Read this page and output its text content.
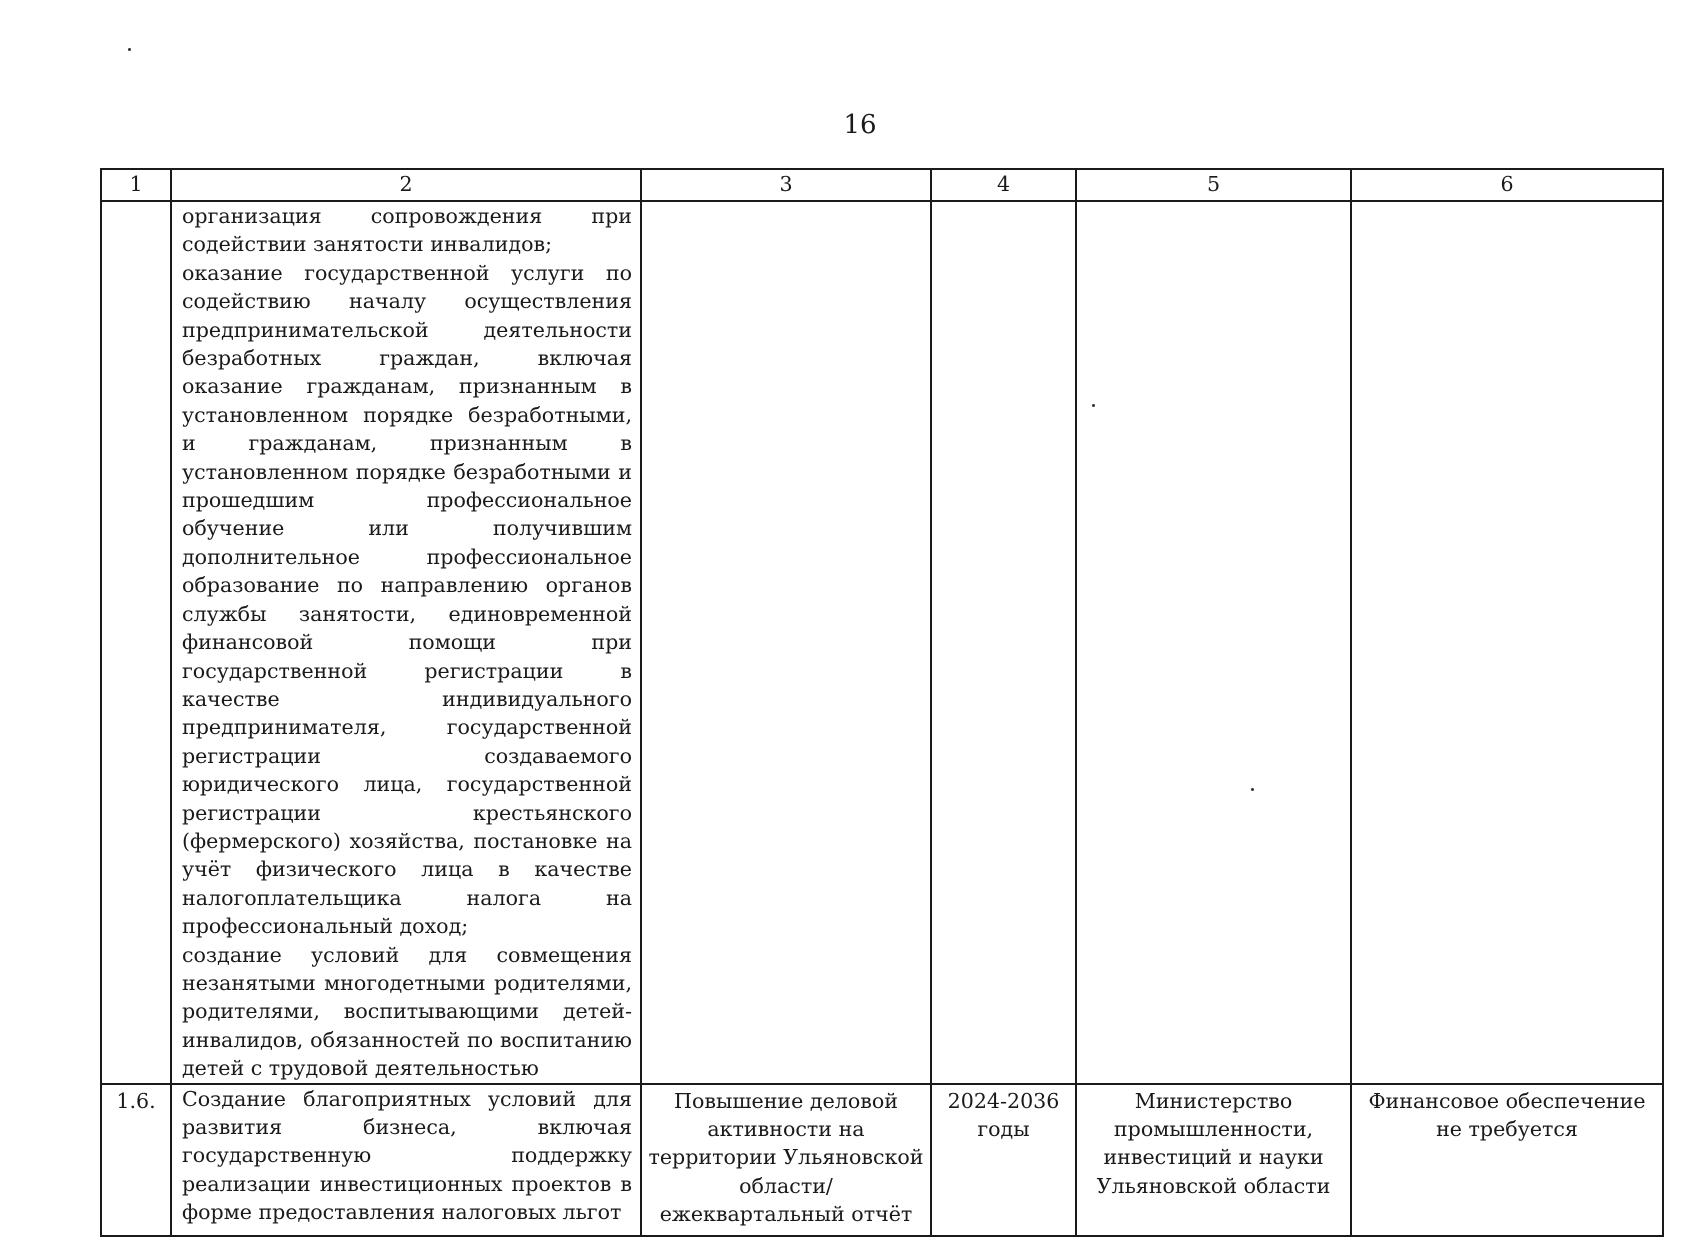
16
1	2	3	4	5	6

	организация сопровождения при содействии занятости инвалидов;
оказание государственной услуги по содействию началу осуществления предпринимательской деятельности безработных граждан, включая оказание гражданам, признанным в установленном порядке безработными, и гражданам, признанным в установленном порядке безработными и прошедшим профессиональное обучение или получившим дополнительное профессиональное образование по направлению органов службы занятости, единовременной финансовой помощи при государственной регистрации в качестве индивидуального предпринимателя, государственной регистрации создаваемого юридического лица, государственной регистрации крестьянского (фермерского) хозяйства, постановке на учёт физического лица в качестве налогоплательщика налога на профессиональный доход;
создание условий для совмещения незанятыми многодетными родителями, родителями, воспитывающими детей-инвалидов, обязанностей по воспитанию детей с трудовой деятельностью				

1.6.	Создание благоприятных условий для развития бизнеса, включая государственную поддержку реализации инвестиционных проектов в форме предоставления налоговых льгот	Повышение деловой активности на территории Ульяновской области/ ежеквартальный отчёт	2024-2036 годы	Министерство промышленности, инвестиций и науки Ульяновской области	Финансовое обеспечение не требуется
